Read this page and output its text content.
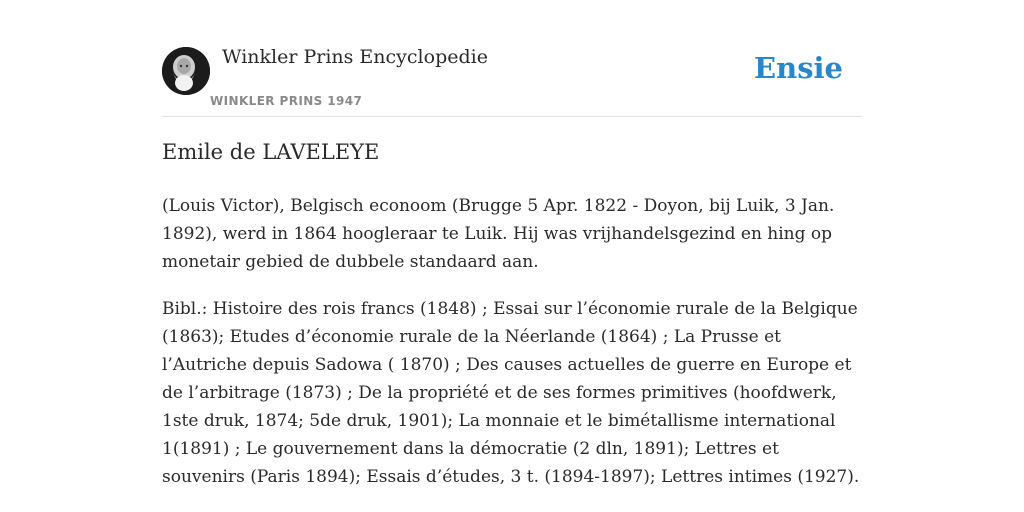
Winkler Prins Encyclopedie
WINKLER PRINS 1947
Ensie
Emile de LAVELEYE

(Louis Victor), Belgisch econoom (Brugge 5 Apr. 1822 - Doyon, bij Luik, 3 Jan. 1892), werd in 1864 hoogleraar te Luik. Hij was vrijhandelsgezind en hing op monetair gebied de dubbele standaard aan.

Bibl.: Histoire des rois francs (1848) ; Essai sur l’économie rurale de la Belgique (1863); Etudes d’économie rurale de la Néerlande (1864) ; La Prusse et l’Autriche depuis Sadowa ( 1870) ; Des causes actuelles de guerre en Europe et de l’arbitrage (1873) ; De la propriété et de ses formes primitives (hoofdwerk, 1ste druk, 1874; 5de druk, 1901); La monnaie et le bimétallisme international 1(1891) ; Le gouvernement dans la démocratie (2 dln, 1891); Lettres et souvenirs (Paris 1894); Essais d’études, 3 t. (1894-1897); Lettres intimes (1927).
